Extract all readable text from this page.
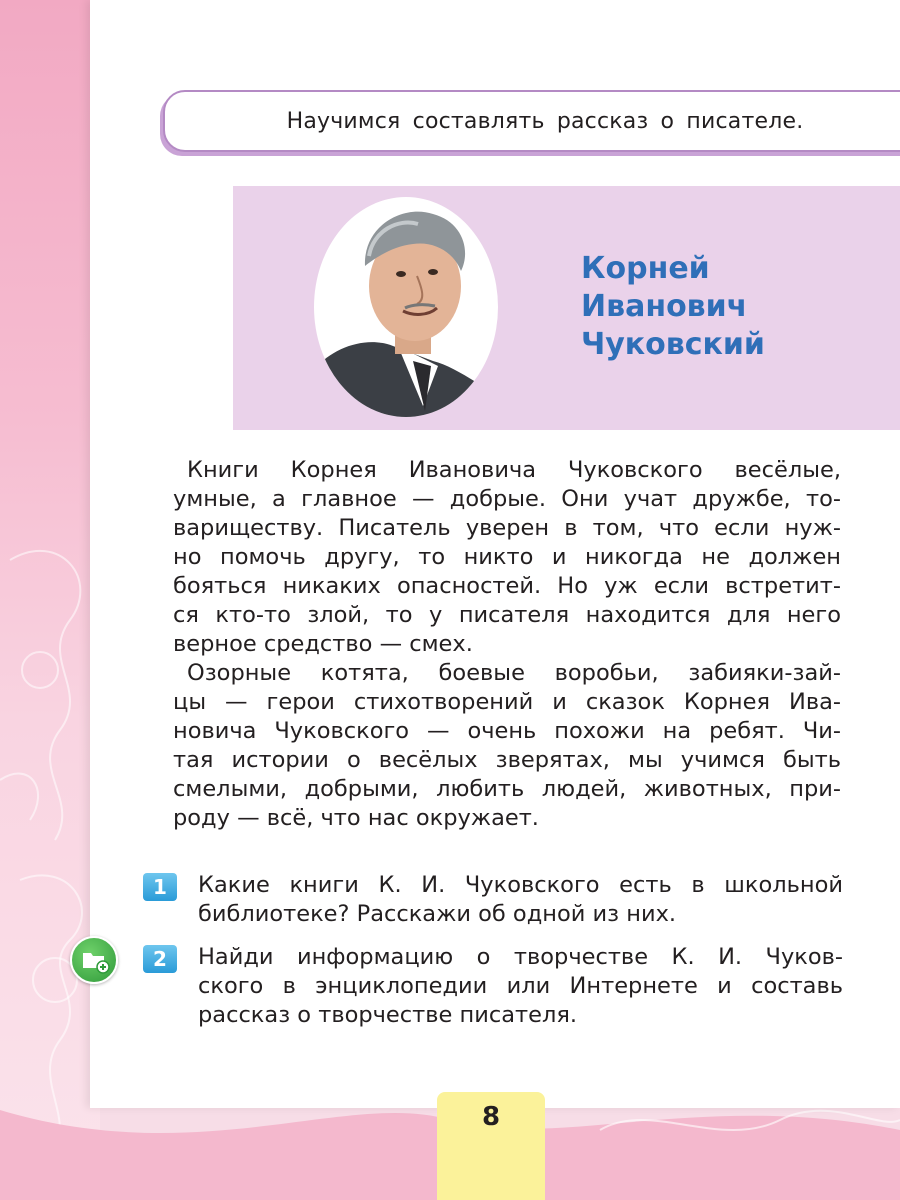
Научимся составлять рассказ о писателе.
Корней
Иванович
Чуковский
Книги Корнея Ивановича Чуковского весёлые,
умные, а главное — добрые. Они учат дружбе, то-
вариществу. Писатель уверен в том, что если нуж-
но помочь другу, то никто и никогда не должен
бояться никаких опасностей. Но уж если встретит-
ся кто-то злой, то у писателя находится для него
верное средство — смех.
Озорные котята, боевые воробьи, забияки-зай-
цы — герои стихотворений и сказок Корнея Ива-
новича Чуковского — очень похожи на ребят. Чи-
тая истории о весёлых зверятах, мы учимся быть
смелыми, добрыми, любить людей, животных, при-
роду — всё, что нас окружает.
1	Какие книги К. И. Чуковского есть в школьной
библиотеке? Расскажи об одной из них.
2	Найди информацию о творчестве К. И. Чуков-
ского в энциклопедии или Интернете и составь
рассказ о творчестве писателя.
8
